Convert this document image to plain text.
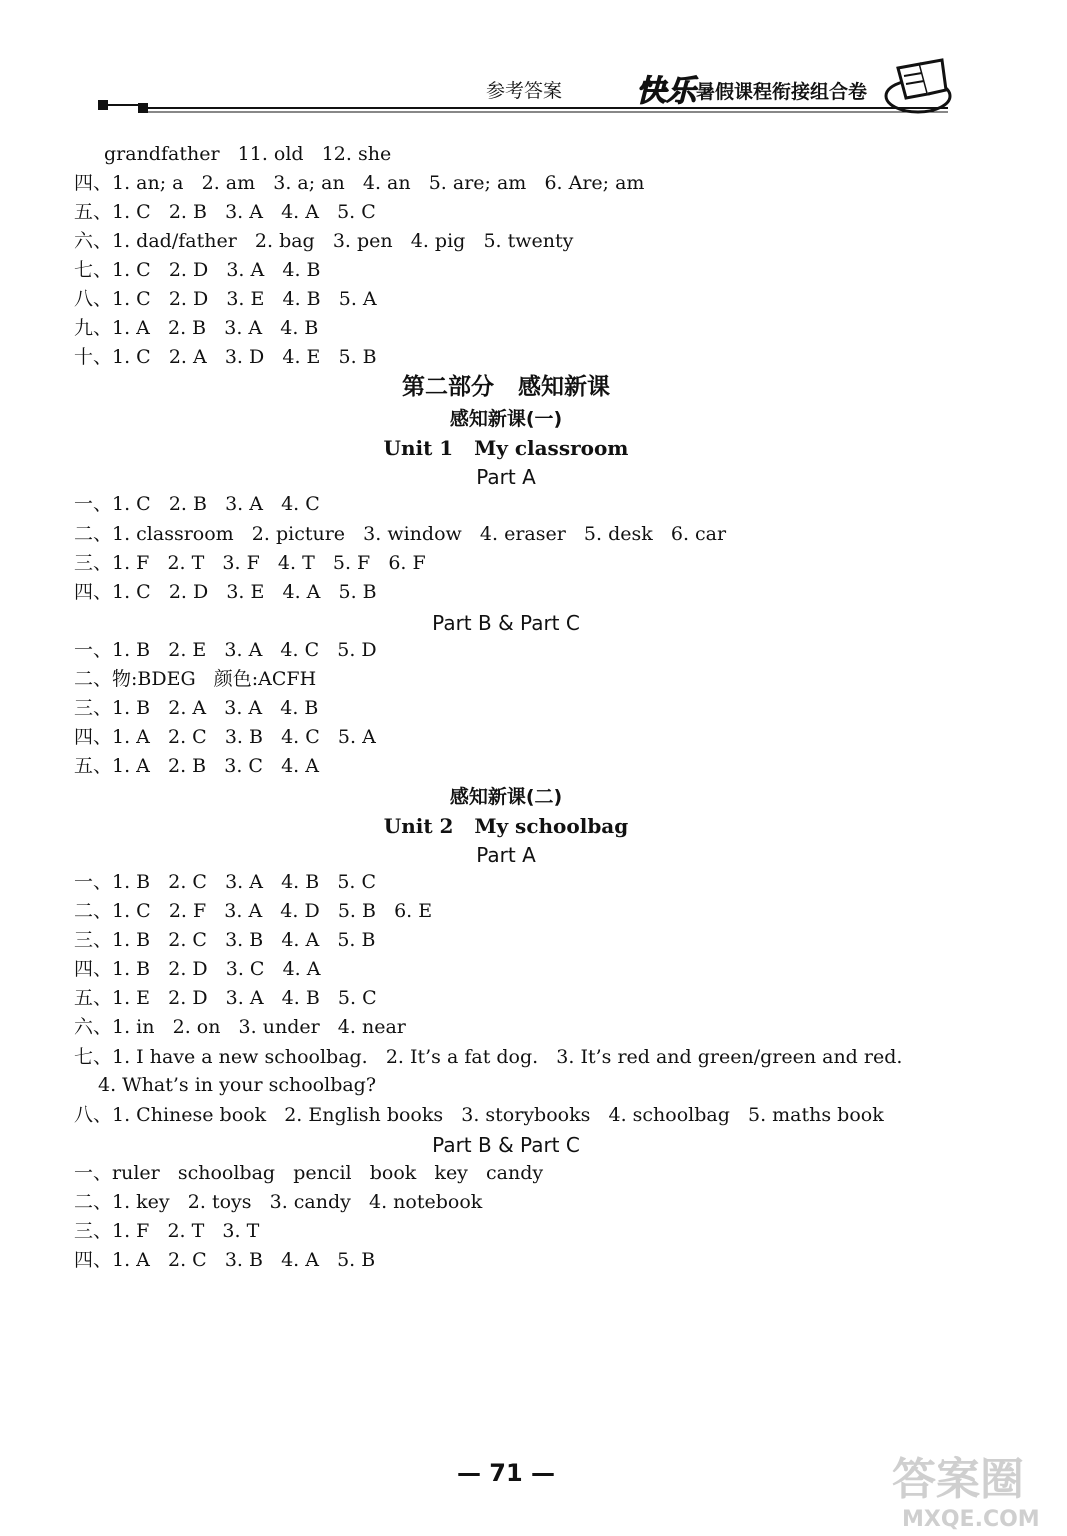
参考答案 快乐 暑假课程衔接组合卷
grandfather   11. old   12. she
四、1. an; a   2. am   3. a; an   4. an   5. are; am   6. Are; am
五、1. C   2. B   3. A   4. A   5. C
六、1. dad/father   2. bag   3. pen   4. pig   5. twenty
七、1. C   2. D   3. A   4. B
八、1. C   2. D   3. E   4. B   5. A
九、1. A   2. B   3. A   4. B
十、1. C   2. A   3. D   4. E   5. B
第二部分   感知新课
感知新课(一)
Unit 1   My classroom
Part A
一、1. C   2. B   3. A   4. C
二、1. classroom   2. picture   3. window   4. eraser   5. desk   6. car
三、1. F   2. T   3. F   4. T   5. F   6. F
四、1. C   2. D   3. E   4. A   5. B
Part B & Part C
一、1. B   2. E   3. A   4. C   5. D
二、物:BDEG   颜色:ACFH
三、1. B   2. A   3. A   4. B
四、1. A   2. C   3. B   4. C   5. A
五、1. A   2. B   3. C   4. A
感知新课(二)
Unit 2   My schoolbag
Part A
一、1. B   2. C   3. A   4. B   5. C
二、1. C   2. F   3. A   4. D   5. B   6. E
三、1. B   2. C   3. B   4. A   5. B
四、1. B   2. D   3. C   4. A
五、1. E   2. D   3. A   4. B   5. C
六、1. in   2. on   3. under   4. near
七、1. I have a new schoolbag.   2. It’s a fat dog.   3. It’s red and green/green and red.
4. What’s in your schoolbag?
八、1. Chinese book   2. English books   3. storybooks   4. schoolbag   5. maths book
Part B & Part C
一、ruler   schoolbag   pencil   book   key   candy
二、1. key   2. toys   3. candy   4. notebook
三、1. F   2. T   3. T
四、1. A   2. C   3. B   4. A   5. B
— 71 —	答案圈
MXQE.COM
